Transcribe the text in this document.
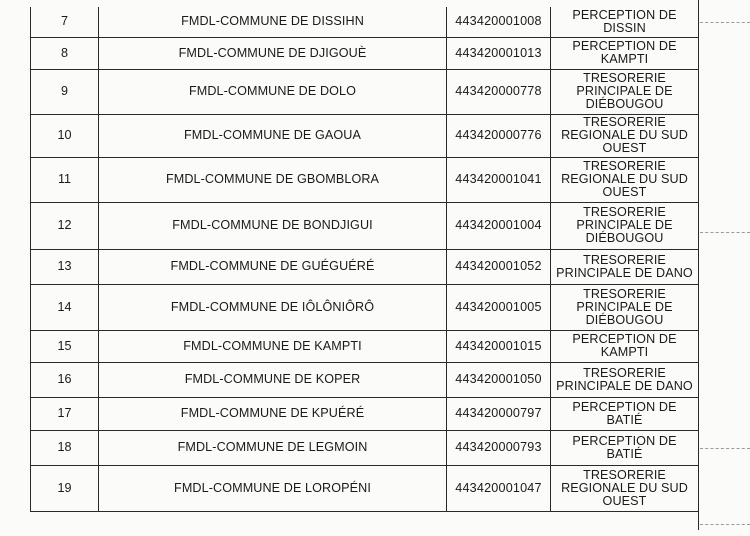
7	FMDL-COMMUNE DE DISSIHN	443420001008	PERCEPTION DE DISSIN
8	FMDL-COMMUNE DE DJIGOUÈ	443420001013	PERCEPTION DE KAMPTI
9	FMDL-COMMUNE DE DOLO	443420000778	TRESORERIE PRINCIPALE DE DIÉBOUGOU
10	FMDL-COMMUNE DE GAOUA	443420000776	TRESORERIE REGIONALE DU SUD OUEST
11	FMDL-COMMUNE DE GBOMBLORA	443420001041	TRESORERIE REGIONALE DU SUD OUEST
12	FMDL-COMMUNE DE BONDJIGUI	443420001004	TRESORERIE PRINCIPALE DE DIÉBOUGOU
13	FMDL-COMMUNE DE GUÉGUÉRÉ	443420001052	TRESORERIE PRINCIPALE DE DANO
14	FMDL-COMMUNE DE IÔLÔNIÔRÔ	443420001005	TRESORERIE PRINCIPALE DE DIÉBOUGOU
15	FMDL-COMMUNE DE KAMPTI	443420001015	PERCEPTION DE KAMPTI
16	FMDL-COMMUNE DE KOPER	443420001050	TRESORERIE PRINCIPALE DE DANO
17	FMDL-COMMUNE DE KPUÉRÉ	443420000797	PERCEPTION DE BATIÉ
18	FMDL-COMMUNE DE LEGMOIN	443420000793	PERCEPTION DE BATIÉ
19	FMDL-COMMUNE DE LOROPÉNI	443420001047	TRESORERIE REGIONALE DU SUD OUEST
